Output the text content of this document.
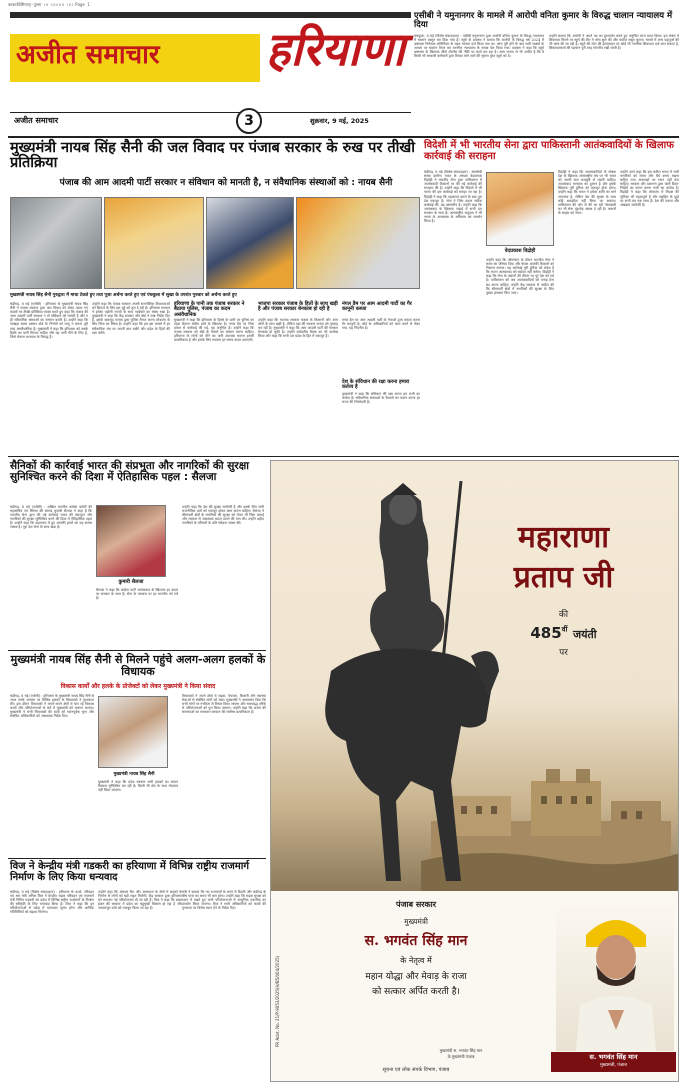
काकाउँग्रेसियान्ट्र-पुल्ला ।।। ।।।।।।।।। ।।।। Page 1
अजीत समाचार हरियाणा
अजीत समाचार	3	शुक्रवार, 9 मई, 2025
एसीबी ने यमुनानगर के मामले में आरोपी वनिता कुमार के विरुद्ध चालान न्यायालय में दिया
पंचकूला, 8 मई (विशेष संवाददाता) : एसीबी यमुनानगर द्वारा आरोपी वनिता कुमार के विरुद्ध न्यायालय में चालान प्रस्तुत कर दिया गया है। ब्यूरो के प्रवक्ता ने बताया कि आरोपी के विरुद्ध वर्ष 2024 में भ्रष्टाचार निरोधक अधिनियम के तहत मामला दर्ज किया गया था। जांच पूरी होने के बाद सभी साक्ष्यों के आधार पर चालान तैयार कर माननीय न्यायालय के समक्ष पेश किया गया। प्रवक्ता ने कहा कि ब्यूरो भ्रष्टाचार के खिलाफ जीरो टॉलरेंस की नीति पर कार्य कर रहा है। आम जनता से भी अपील है कि वे किसी भी सरकारी कर्मचारी द्वारा रिश्वत मांगे जाने की सूचना तुरंत ब्यूरो को दें।
उन्होंने बताया कि आरोपी ने अपने पद का दुरुपयोग करते हुए अनुचित लाभ प्राप्त किया। इस संबंध में शिकायत मिलने पर ब्यूरो की टीम ने जांच शुरू की और पर्याप्त सबूत जुटाए। मामले में अन्य पहलुओं की भी जांच की जा रही है। ब्यूरो की टोल फ्री हेल्पलाइन पर कोई भी नागरिक शिकायत दर्ज करा सकता है, शिकायतकर्ता की पहचान पूरी तरह गोपनीय रखी जाती है।
मुख्यमंत्री नायब सिंह सैनी की जल विवाद पर पंजाब सरकार के रुख पर तीखी प्रतिक्रिया
पंजाब की आम आदमी पार्टी सरकार न संविधान को मानती है, न संवैधानिक संस्थाओं को : नायब सैनी
मुख्यमंत्री नायब सिंह सैनी गुरुद्वारा में माथा टेकते हुए तथा पूजा अर्चना करते हुए एवं पंचकूला में सुखा के उपरांत गुरुवार को अर्चना करते हुए
चंडीगढ़, 8 मई (एजेंसी) : हरियाणा के मुख्यमंत्री नायब सिंह सैनी ने पंजाब सरकार द्वारा जल विवाद को लेकर उठाए गए कदमों पर तीखी प्रतिक्रिया व्यक्त करते हुए कहा कि पंजाब की आम आदमी पार्टी सरकार न तो संविधान को मानती है और न ही संवैधानिक संस्थाओं का सम्मान करती है। उन्होंने कहा कि भाखड़ा ब्यास प्रबंधन बोर्ड के निर्णयों को लागू न करना पूरी तरह असंवैधानिक है। मुख्यमंत्री ने कहा कि हरियाणा को उसके हिस्से का पानी मिलना चाहिए और यह पानी पीने के लिए है, जिसे रोकना मानवता के विरुद्ध है।
उन्होंने कहा कि पंजाब सरकार अपनी राजनीतिक विफलताओं को छिपाने के लिए इस मुद्दे को तूल दे रही है। हरियाणा सरकार ने हमेशा पड़ोसी राज्यों के साथ भाईचारे का संबंध रखा है। मुख्यमंत्री ने कहा कि केंद्र सरकार और बोर्ड ने स्पष्ट निर्देश दिए हैं, इसके बावजूद पंजाब द्वारा पुलिस तैनात करना लोकतंत्र के लिए चिंता का विषय है। उन्होंने कहा कि हम इस मामले में हर संवैधानिक मंच पर अपनी बात रखेंगे और प्रदेश के हितों की रक्षा करेंगे।
हरियाणा के पानी तक पंजाब सरकार ने बैठाया पुलिस, पंजाब का कदम असंवैधानिक
मुख्यमंत्री ने कहा कि हरियाणा के हिस्से के पानी पर पुलिस का पहरा बैठाना संघीय ढांचे के खिलाफ है। नंगल डैम पर जिस प्रकार से कार्रवाई की गई, वह अनुचित है। उन्होंने कहा कि पंजाब सरकार को बोर्ड के फैसले का सम्मान करना चाहिए। हरियाणा के लोगों को पीने का पानी उपलब्ध कराना हमारी प्राथमिकता है और इसके लिए सरकार हर संभव कदम उठाएगी।
भाजपा सरकार पंजाब के हितों के साथ खड़ी है और पंजाब सरकार बेनकाब हो रही है
उन्होंने कहा कि भाजपा सरकार पंजाब के किसानों और आम लोगों के साथ खड़ी है, लेकिन वहां की सरकार जनता को गुमराह कर रही है। मुख्यमंत्री ने कहा कि आम आदमी पार्टी की सरकार बेनकाब हो चुकी है। उन्होंने सर्वदलीय बैठक का भी उल्लेख किया और कहा कि सभी दल प्रदेश के हित में एकजुट हैं।
नंगल डैम पर आम आदमी पार्टी का गैर कानूनी कब्जा
नंगल डैम पर आम आदमी पार्टी के नेताओं द्वारा कब्जा करना गैर कानूनी है। बोर्ड के अधिकारियों को काम करने से रोका गया, यह निंदनीय है।
देश के संविधान की रक्षा करना हमारा कर्तव्य है
मुख्यमंत्री ने कहा कि संविधान की रक्षा करना हम सभी का कर्तव्य है। संवैधानिक संस्थाओं के फैसलों का पालन करना हर राज्य की जिम्मेदारी है।
विदेशी में भी भारतीय सेना द्वारा पाकिस्तानी आतंकवादियों के खिलाफ कार्रवाई की सराहना
चंडीगढ़, 8 मई (विशेष संवाददाता) : स्वयंसेवी संस्था ग्रामीण भारत के अध्यक्ष वेदप्रकाश विद्रोही ने भारतीय सेना द्वारा पाकिस्तान में आतंकवादी ठिकानों पर की गई कार्रवाई की सराहना की है। उन्होंने कहा कि विदेशों में भी भारत की इस कार्रवाई को सराहा जा रहा है। विद्रोही ने कहा कि पहलगाम हमले के बाद पूरा देश एकजुट है। सेना ने जिस प्रकार सटीक कार्रवाई की, वह प्रशंसनीय है। उन्होंने कहा कि आतंकवाद के खिलाफ लड़ाई में सभी दल सरकार के साथ हैं। अंतरराष्ट्रीय समुदाय ने भी भारत के आत्मरक्षा के अधिकार का समर्थन किया है।
वेदप्रकाश विद्रोही
उन्होंने कहा कि ऑपरेशन के दौरान भारतीय सेना ने संयम का परिचय दिया और केवल आतंकी ठिकानों को निशाना बनाया। यह कार्रवाई पूरी दुनिया को संदेश है कि भारत आतंकवाद को बर्दाश्त नहीं करेगा। विद्रोही ने कहा कि सेना के जवानों की वीरता पर पूरे देश को गर्व है। पाकिस्तान को अब आतंकवादियों को पनाह देना बंद करना चाहिए। उन्होंने केंद्र सरकार से अपील की कि सीमावर्ती क्षेत्रों में नागरिकों की सुरक्षा के लिए पुख्ता इंतजाम किए जाएं।
विद्रोही ने कहा कि आतंकवादियों के पोषक देश के खिलाफ अंतरराष्ट्रीय मंच पर भी भारत को अपनी बात मजबूती से रखनी चाहिए। आतंकवाद मानवता का दुश्मन है और इसके खिलाफ पूरी दुनिया को एकजुट होना होगा। उन्होंने कहा कि भारत ने हमेशा शांति का मार्ग अपनाया है, लेकिन देश की सुरक्षा के साथ कोई समझौता नहीं किया जा सकता। पाकिस्तान की ओर से की जा रही गोलाबारी का भी सेना मुंहतोड़ जवाब दे रही है। जवानों के साहस को नमन।
उन्होंने आगे कहा कि इस कठिन समय में सभी नागरिकों को संयम और धैर्य बनाए रखना चाहिए तथा अफवाहों पर ध्यान नहीं देना चाहिए। सरकार और प्रशासन द्वारा जारी दिशा-निर्देशों का पालन करना सभी का कर्तव्य है। विद्रोही ने कहा कि लोकतंत्र में विपक्ष की भूमिका भी महत्वपूर्ण है और राष्ट्रहित के मुद्दों पर सभी दल एक साथ हैं। देश की एकता और अखंडता सर्वोपरि है।
सैनिकों की कार्रवाई भारत की संप्रभुता और नागरिकों की सुरक्षा सुनिश्चित करने की दिशा में ऐतिहासिक पहल : सैलजा
चंडीगढ़, 8 मई (एजेंसी) : अखिल भारतीय कांग्रेस कमेटी की महासचिव एवं सिरसा की सांसद कुमारी सैलजा ने कहा है कि भारतीय सेना द्वारा की गई कार्रवाई भारत की संप्रभुता और नागरिकों की सुरक्षा सुनिश्चित करने की दिशा में ऐतिहासिक पहल है। उन्होंने कहा कि पहलगाम में हुए आतंकी हमले का यह करारा जवाब है। पूरा देश सेना के साथ खड़ा है।
कुमारी सैलजा
सैलजा ने कहा कि कांग्रेस पार्टी आतंकवाद के खिलाफ हर कदम पर सरकार के साथ है। सेना के पराक्रम पर हर भारतीय को गर्व है।
उन्होंने कहा कि देश की सुरक्षा सर्वोपरि है और इसके लिए सभी राजनीतिक दलों को एकजुट होकर काम करना चाहिए। सैलजा ने सीमावर्ती क्षेत्रों के नागरिकों की सुरक्षा को लेकर भी चिंता जताई और सरकार से आवश्यक कदम उठाने की मांग की। उन्होंने शहीद नागरिकों के परिवारों के प्रति संवेदना व्यक्त की।
मुख्यमंत्री नायब सिंह सैनी से मिलने पहुंचे अलग-अलग हलकों के विधायक
विकास कार्यों और हलके के प्रोजेक्टों को लेकर मुख्यमंत्री ने किया संवाद
चंडीगढ़, 8 मई (एजेंसी) : हरियाणा के मुख्यमंत्री नायब सिंह सैनी से आज उनके आवास पर विभिन्न हलकों के विधायकों ने मुलाकात की। इस दौरान विधायकों ने अपने-अपने क्षेत्रों में चल रहे विकास कार्यों और परियोजनाओं के बारे में मुख्यमंत्री को अवगत कराया। मुख्यमंत्री ने सभी विधायकों की बातों को ध्यानपूर्वक सुना और संबंधित अधिकारियों को आवश्यक निर्देश दिए।
मुख्यमंत्री नायब सिंह सैनी
मुख्यमंत्री ने कहा कि प्रदेश सरकार सभी हलकों का समान विकास सुनिश्चित कर रही है। किसी भी क्षेत्र के साथ भेदभाव नहीं किया जाएगा।
विधायकों ने अपने क्षेत्रों में सड़क, पेयजल, बिजली और स्वास्थ्य सेवाओं से संबंधित मांगों को रखा। मुख्यमंत्री ने आश्वासन दिया कि सभी मांगों पर गंभीरता से विचार किया जाएगा और समयबद्ध तरीके से परियोजनाओं को पूरा किया जाएगा। उन्होंने कहा कि जनता की समस्याओं का समाधान सरकार की सर्वोच्च प्राथमिकता है।
विज ने केन्द्रीय मंत्री गडकरी का हरियाणा में विभिन्न राष्ट्रीय राजमार्ग निर्माण के लिए किया धन्यवाद
चंडीगढ़, 8 मई (विशेष संवाददाता) : हरियाणा के ऊर्जा, परिवहन एवं श्रम मंत्री अनिल विज ने केन्द्रीय सड़क परिवहन एवं राजमार्ग मंत्री नितिन गडकरी का प्रदेश में विभिन्न राष्ट्रीय राजमार्गों के निर्माण की स्वीकृति के लिए धन्यवाद किया है। विज ने कहा कि इन परियोजनाओं से प्रदेश में यातायात सुगम होगा और आर्थिक गतिविधियों को बढ़ावा मिलेगा।
उन्होंने कहा कि अंबाला कैंट और आसपास के क्षेत्रों में सड़कों के निर्माण से लोगों को बड़ी राहत मिलेगी। केंद्र सरकार द्वारा हरियाणा को लगातार नई परियोजनाएं दी जा रही हैं। विज ने कहा कि डबल इंजन की सरकार में प्रदेश का चहुंमुखी विकास हो रहा है और आधारभूत ढांचे को मजबूत किया जा रहा है।
मंत्री ने बताया कि नए राजमार्गों के बनने से दिल्ली और चंडीगढ़ के बीच यात्रा का समय भी कम होगा। उन्होंने कहा कि सड़क सुरक्षा को ध्यान में रखते हुए सभी परियोजनाओं में आधुनिक तकनीक का उपयोग किया जाएगा। विज ने सभी अधिकारियों को कार्यों की गुणवत्ता पर विशेष ध्यान देने के निर्देश दिए।
महाराणा
प्रताप जी
की
$485^{वीं}$ जयंती
पर
PR Advt. No. 21/P-9053/2025(H/B5/I/04/2025)
पंजाब सरकार
मुख्यमंत्री
स. भगवंत सिंह मान
के नेतृत्व में
महान योद्धा और मेवाड़ के राजा
को सत्कार अर्पित करती है।
मुख्यमंत्री स. भगवंत सिंह मान
के मुख्यमंत्री पंजाब	स. भगवंत सिंह मान
मुख्यमंत्री, पंजाब
सूचना एवं लोक संपर्क विभाग, पंजाब
